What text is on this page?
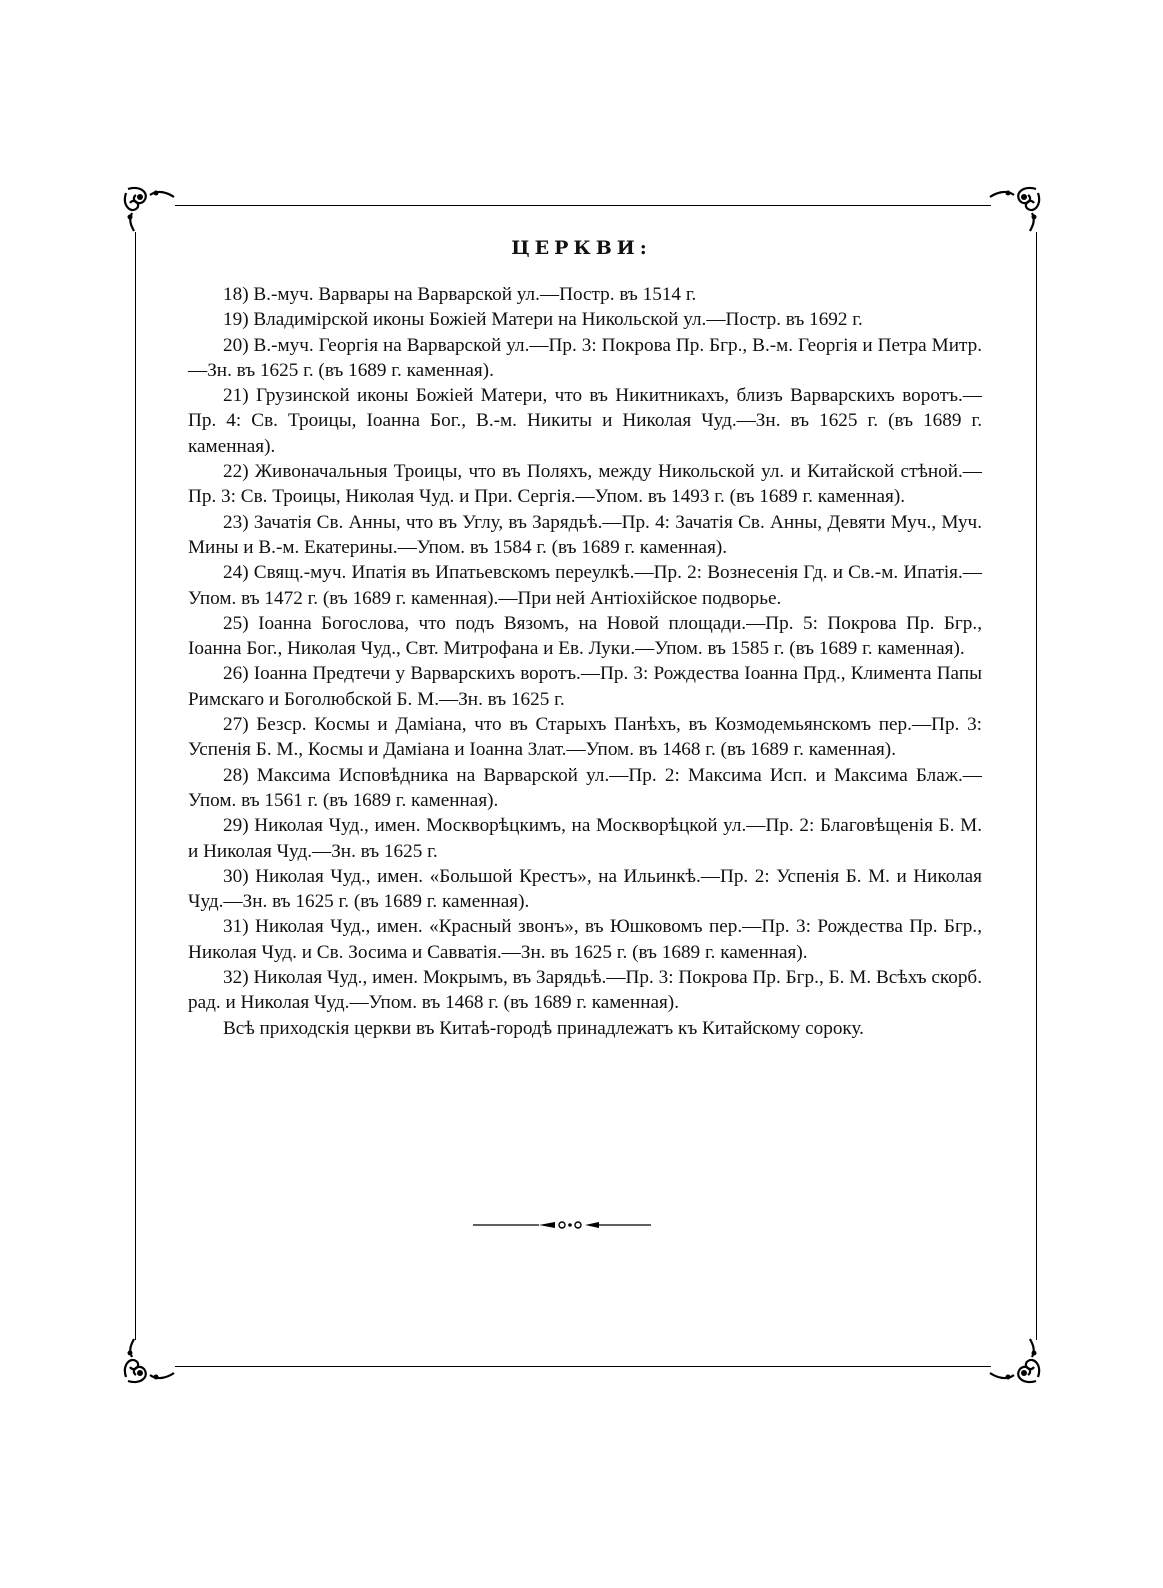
ЦЕРКВИ:

18) В.-муч. Варвары на Варварской ул.—Постр. въ 1514 г.

19) Владимірской иконы Божіей Матери на Никольской ул.—Постр. въ 1692 г.

20) В.-муч. Георгія на Варварской ул.—Пр. 3: Покрова Пр. Бгр., В.-м. Георгія и Петра Митр.—Зн. въ 1625 г. (въ 1689 г. каменная).

21) Грузинской иконы Божіей Матери, что въ Никитникахъ, близъ Варварскихъ воротъ.—Пр. 4: Св. Троицы, Іоанна Бог., В.-м. Никиты и Николая Чуд.—Зн. въ 1625 г. (въ 1689 г. каменная).

22) Живоначальныя Троицы, что въ Поляхъ, между Никольской ул. и Китайской стѣной.—Пр. 3: Св. Троицы, Николая Чуд. и При. Сергія.—Упом. въ 1493 г. (въ 1689 г. каменная).

23) Зачатія Св. Анны, что въ Углу, въ Зарядьѣ.—Пр. 4: Зачатія Св. Анны, Девяти Муч., Муч. Мины и В.-м. Екатерины.—Упом. въ 1584 г. (въ 1689 г. каменная).

24) Свящ.-муч. Ипатія въ Ипатьевскомъ переулкѣ.—Пр. 2: Вознесенія Гд. и Св.-м. Ипатія.—Упом. въ 1472 г. (въ 1689 г. каменная).—При ней Антіохійское подворье.

25) Іоанна Богослова, что подъ Вязомъ, на Новой площади.—Пр. 5: Покрова Пр. Бгр., Іоанна Бог., Николая Чуд., Свт. Митрофана и Ев. Луки.—Упом. въ 1585 г. (въ 1689 г. каменная).

26) Іоанна Предтечи у Варварскихъ воротъ.—Пр. 3: Рождества Іоанна Прд., Климента Папы Римскаго и Боголюбской Б. М.—Зн. въ 1625 г.

27) Безср. Космы и Даміана, что въ Старыхъ Панѣхъ, въ Козмодемьянскомъ пер.—Пр. 3: Успенія Б. М., Космы и Даміана и Іоанна Злат.—Упом. въ 1468 г. (въ 1689 г. каменная).

28) Максима Исповѣдника на Варварской ул.—Пр. 2: Максима Исп. и Максима Блаж.—Упом. въ 1561 г. (въ 1689 г. каменная).

29) Николая Чуд., имен. Москворѣцкимъ, на Москворѣцкой ул.—Пр. 2: Благовѣщенія Б. М. и Николая Чуд.—Зн. въ 1625 г.

30) Николая Чуд., имен. «Большой Крестъ», на Ильинкѣ.—Пр. 2: Успенія Б. М. и Николая Чуд.—Зн. въ 1625 г. (въ 1689 г. каменная).

31) Николая Чуд., имен. «Красный звонъ», въ Юшковомъ пер.—Пр. 3: Рождества Пр. Бгр., Николая Чуд. и Св. Зосима и Савватія.—Зн. въ 1625 г. (въ 1689 г. каменная).

32) Николая Чуд., имен. Мокрымъ, въ Зарядьѣ.—Пр. 3: Покрова Пр. Бгр., Б. М. Всѣхъ скорб. рад. и Николая Чуд.—Упом. въ 1468 г. (въ 1689 г. каменная).

Всѣ приходскія церкви въ Китаѣ-городѣ принадлежатъ къ Китайскому сороку.
